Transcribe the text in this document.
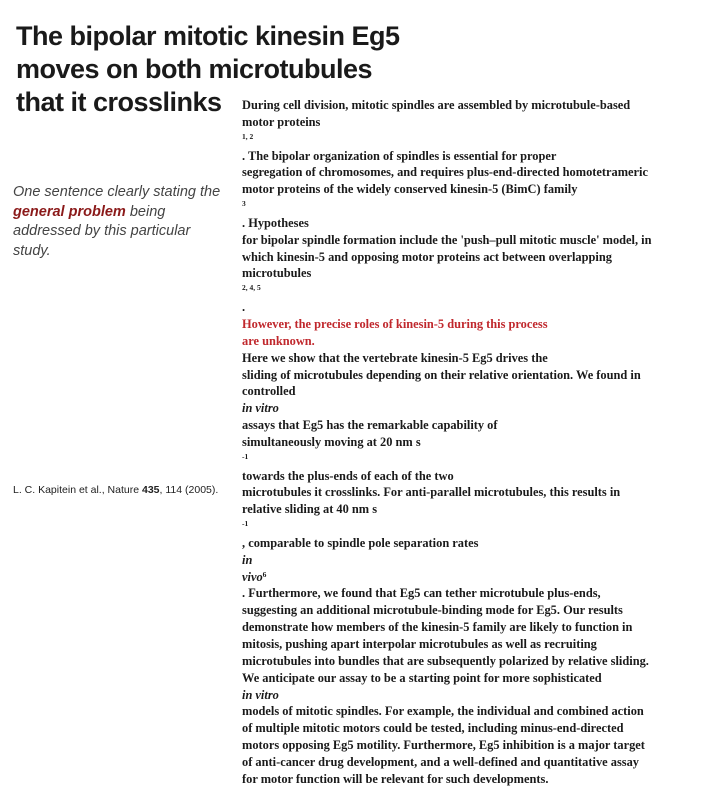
The bipolar mitotic kinesin Eg5
moves on both microtubules
that it crosslinks
One sentence clearly stating the general problem being addressed by this particular study.
L. C. Kapitein et al., Nature 435, 114 (2005).
During cell division, mitotic spindles are assembled by microtubule-based
motor proteins
$^{1, 2}$
. The bipolar organization of spindles is essential for proper
segregation of chromosomes, and requires plus-end-directed homotetrameric
motor proteins of the widely conserved kinesin-5 (BimC) family
$^3$
. Hypotheses
for bipolar spindle formation include the 'push–pull mitotic muscle' model, in
which kinesin-5 and opposing motor proteins act between overlapping
microtubules
$^{2, 4, 5}$
.
However, the precise roles of kinesin-5 during this process
are unknown.
Here we show that the vertebrate kinesin-5 Eg5 drives the
sliding of microtubules depending on their relative orientation. We found in
controlled
in vitro
assays that Eg5 has the remarkable capability of
simultaneously moving at 20 nm s
$^{-1}$
towards the plus-ends of each of the two
microtubules it crosslinks. For anti-parallel microtubules, this results in
relative sliding at 40 nm s
$^{-1}$
, comparable to spindle pole separation rates
in
vivo$^6$
. Furthermore, we found that Eg5 can tether microtubule plus-ends,
suggesting an additional microtubule-binding mode for Eg5. Our results
demonstrate how members of the kinesin-5 family are likely to function in
mitosis, pushing apart interpolar microtubules as well as recruiting
microtubules into bundles that are subsequently polarized by relative sliding.
We anticipate our assay to be a starting point for more sophisticated
in vitro
models of mitotic spindles. For example, the individual and combined action
of multiple mitotic motors could be tested, including minus-end-directed
motors opposing Eg5 motility. Furthermore, Eg5 inhibition is a major target
of anti-cancer drug development, and a well-defined and quantitative assay
for motor function will be relevant for such developments.
